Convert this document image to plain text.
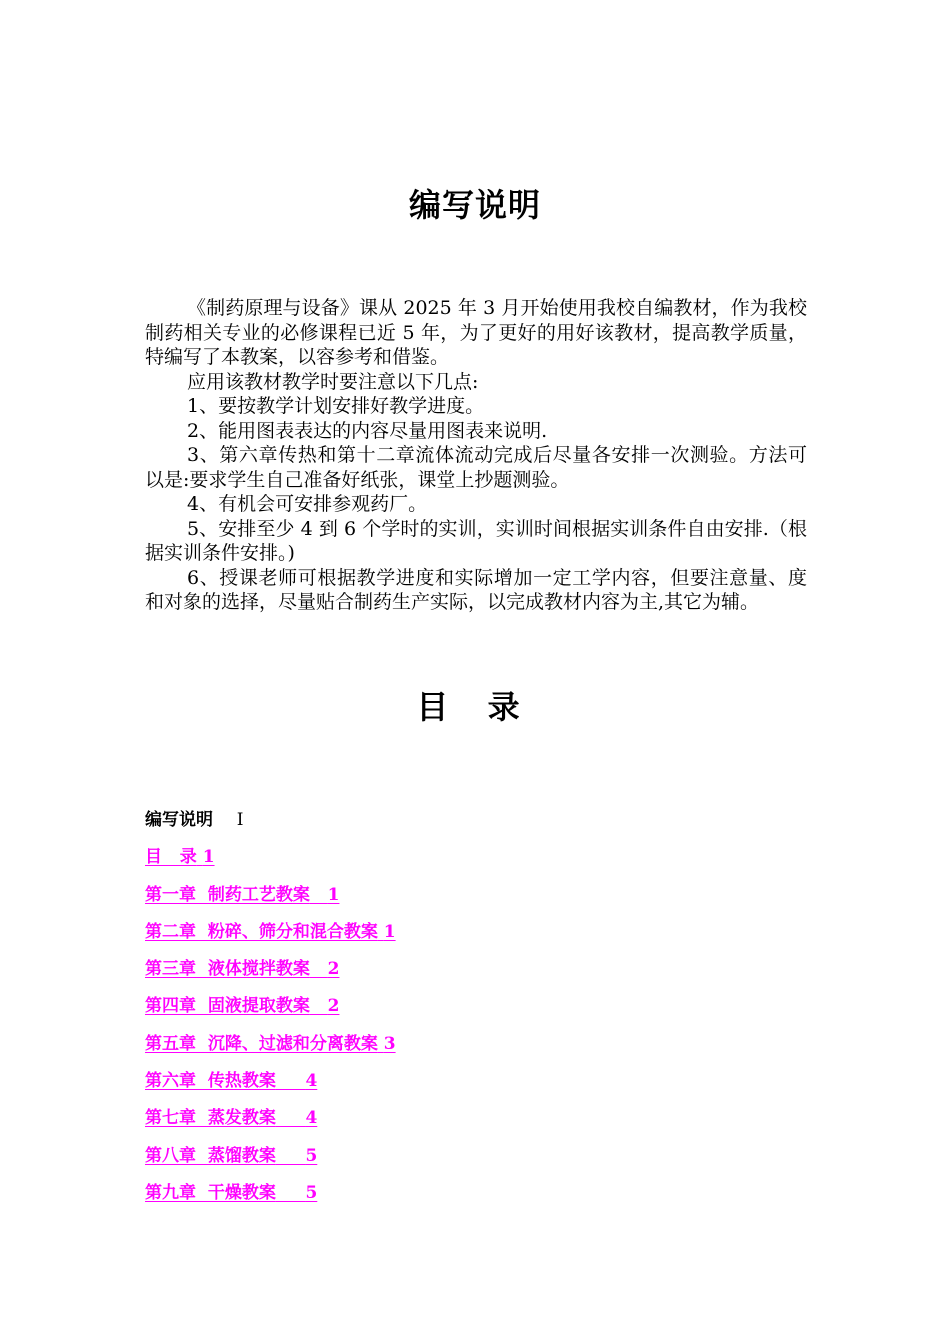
编写说明

《制药原理与设备》课从 2025 年 3 月开始使用我校自编教材，作为我校制药相关专业的必修课程已近 5 年，为了更好的用好该教材，提高教学质量，特编写了本教案，以容参考和借鉴。

应用该教材教学时要注意以下几点:

1、要按教学计划安排好教学进度。

2、能用图表表达的内容尽量用图表来说明.

3、第六章传热和第十二章流体流动完成后尽量各安排一次测验。方法可以是:要求学生自己准备好纸张，课堂上抄题测验。

4、有机会可安排参观药厂。

5、安排至少 4 到 6 个学时的实训，实训时间根据实训条件自由安排.（根据实训条件安排。)

6、授课老师可根据教学进度和实际增加一定工学内容，但要注意量、度和对象的选择，尽量贴合制药生产实际，以完成教材内容为主,其它为辅。

目 录
编写说明 I
目   录 1
第一章  制药工艺教案 1
第二章  粉碎、筛分和混合教案 1
第三章  液体搅拌教案 2
第四章  固液提取教案 2
第五章  沉降、过滤和分离教案 3
第六章  传热教案 4
第七章  蒸发教案 4
第八章  蒸馏教案 5
第九章  干燥教案 5
